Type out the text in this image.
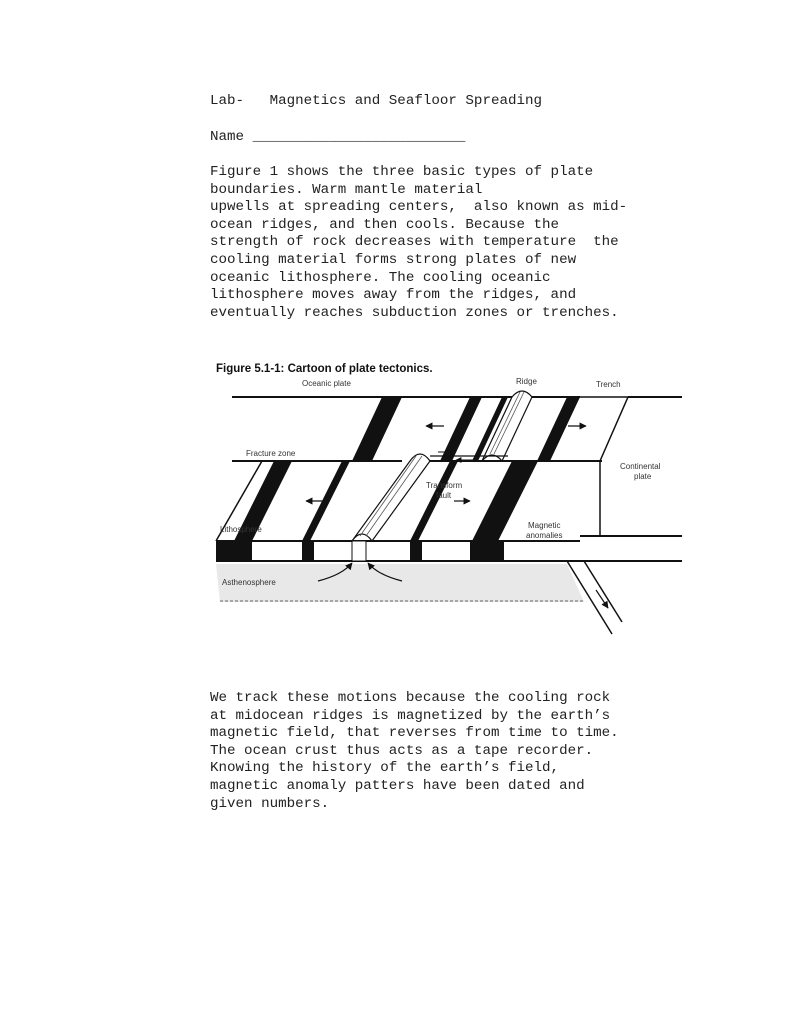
Lab-   Magnetics and Seafloor Spreading
Name _________________________
Figure 1 shows the three basic types of plate
boundaries. Warm mantle material
upwells at spreading centers,  also known as mid-
ocean ridges, and then cools. Because the
strength of rock decreases with temperature  the
cooling material forms strong plates of new
oceanic lithosphere. The cooling oceanic
lithosphere moves away from the ridges, and
eventually reaches subduction zones or trenches.
Figure 5.1-1: Cartoon of plate tectonics.
Oceanic plate	Ridge	Trench
Fracture zone
Transform
fault
Continental
plate
Lithosphere	Magnetic
anomalies
Asthenosphere
We track these motions because the cooling rock
at midocean ridges is magnetized by the earth’s
magnetic field, that reverses from time to time.
The ocean crust thus acts as a tape recorder.
Knowing the history of the earth’s field,
magnetic anomaly patters have been dated and
given numbers.
